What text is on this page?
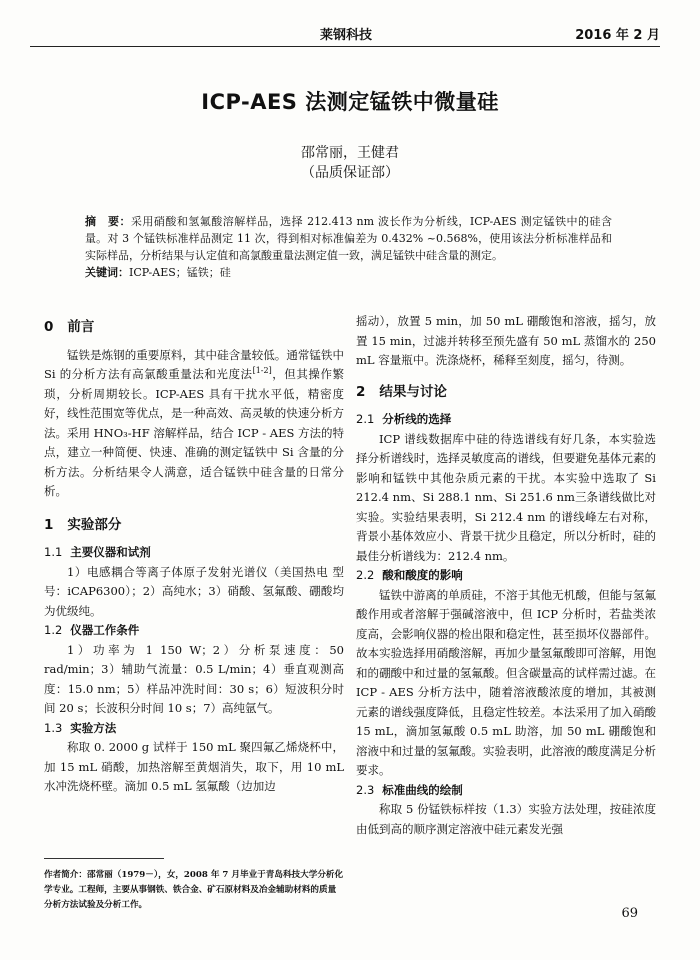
莱钢科技	2016 年 2 月
ICP-AES 法测定锰铁中微量硅
邵常丽，王健君
（品质保证部）
摘　要：采用硝酸和氢氟酸溶解样品，选择 212.413 nm 波长作为分析线，ICP-AES 测定锰铁中的硅含量。对 3 个锰铁标准样品测定 11 次，得到相对标准偏差为 0.432% ~0.568%，使用该法分析标准样品和实际样品，分析结果与认定值和高氯酸重量法测定值一致，满足锰铁中硅含量的测定。
关键词：ICP-AES；锰铁；硅
0 前言

锰铁是炼钢的重要原料，其中硅含量较低。通常锰铁中 Si 的分析方法有高氯酸重量法和光度法[1-2]，但其操作繁琐，分析周期较长。ICP-AES 具有干扰水平低，精密度好，线性范围宽等优点，是一种高效、高灵敏的快速分析方法。采用 HNO₃-HF 溶解样品，结合 ICP - AES 方法的特点，建立一种简便、快速、准确的测定锰铁中 Si 含量的分析方法。分析结果令人满意，适合锰铁中硅含量的日常分析。

1 实验部分
1.1 主要仪器和试剂

1）电感耦合等离子体原子发射光谱仪（美国热电 型号：iCAP6300）；2）高纯水；3）硝酸、氢氟酸、硼酸均为优级纯。

1.2 仪器工作条件

1）功率为 1 150 W；2）分析泵速度：50 rad/min；3）辅助气流量：0.5 L/min；4）垂直观测高度：15.0 nm；5）样品冲洗时间：30 s；6）短波积分时间 20 s；长波积分时间 10 s；7）高纯氩气。

1.3 实验方法

称取 0. 2000 g 试样于 150 mL 聚四氟乙烯烧杯中，加 15 mL 硝酸，加热溶解至黄烟消失，取下，用 10 mL 水冲洗烧杯壁。滴加 0.5 mL 氢氟酸（边加边

摇动），放置 5 min，加 50 mL 硼酸饱和溶液，摇匀，放置 15 min，过滤并转移至预先盛有 50 mL 蒸馏水的 250 mL 容量瓶中。洗涤烧杯，稀释至刻度，摇匀，待测。

2 结果与讨论
2.1 分析线的选择

ICP 谱线数据库中硅的待选谱线有好几条，本实验选择分析谱线时，选择灵敏度高的谱线，但要避免基体元素的影响和锰铁中其他杂质元素的干扰。本实验中选取了 Si 212.4 nm、Si 288.1 nm、Si 251.6 nm三条谱线做比对实验。实验结果表明，Si 212.4 nm 的谱线峰左右对称，背景小基体效应小、背景干扰少且稳定，所以分析时，硅的最佳分析谱线为：212.4 nm。

2.2 酸和酸度的影响

锰铁中游离的单质硅，不溶于其他无机酸，但能与氢氟酸作用或者溶解于强碱溶液中，但 ICP 分析时，若盐类浓度高，会影响仪器的检出限和稳定性，甚至损坏仪器部件。故本实验选择用硝酸溶解，再加少量氢氟酸即可溶解，用饱和的硼酸中和过量的氢氟酸。但含碳量高的试样需过滤。在 ICP - AES 分析方法中，随着溶液酸浓度的增加，其被测元素的谱线强度降低，且稳定性较差。本法采用了加入硝酸 15 mL，滴加氢氟酸 0.5 mL 助溶，加 50 mL 硼酸饱和溶液中和过量的氢氟酸。实验表明，此溶液的酸度满足分析要求。

2.3 标准曲线的绘制

称取 5 份锰铁标样按（1.3）实验方法处理，按硅浓度由低到高的顺序测定溶液中硅元素发光强

作者简介：邵常丽（1979－），女，2008 年 7 月毕业于青岛科技大学分析化学专业。工程师，主要从事钢铁、铁合金、矿石原材料及冶金辅助材料的质量分析方法试验及分析工作。
69
